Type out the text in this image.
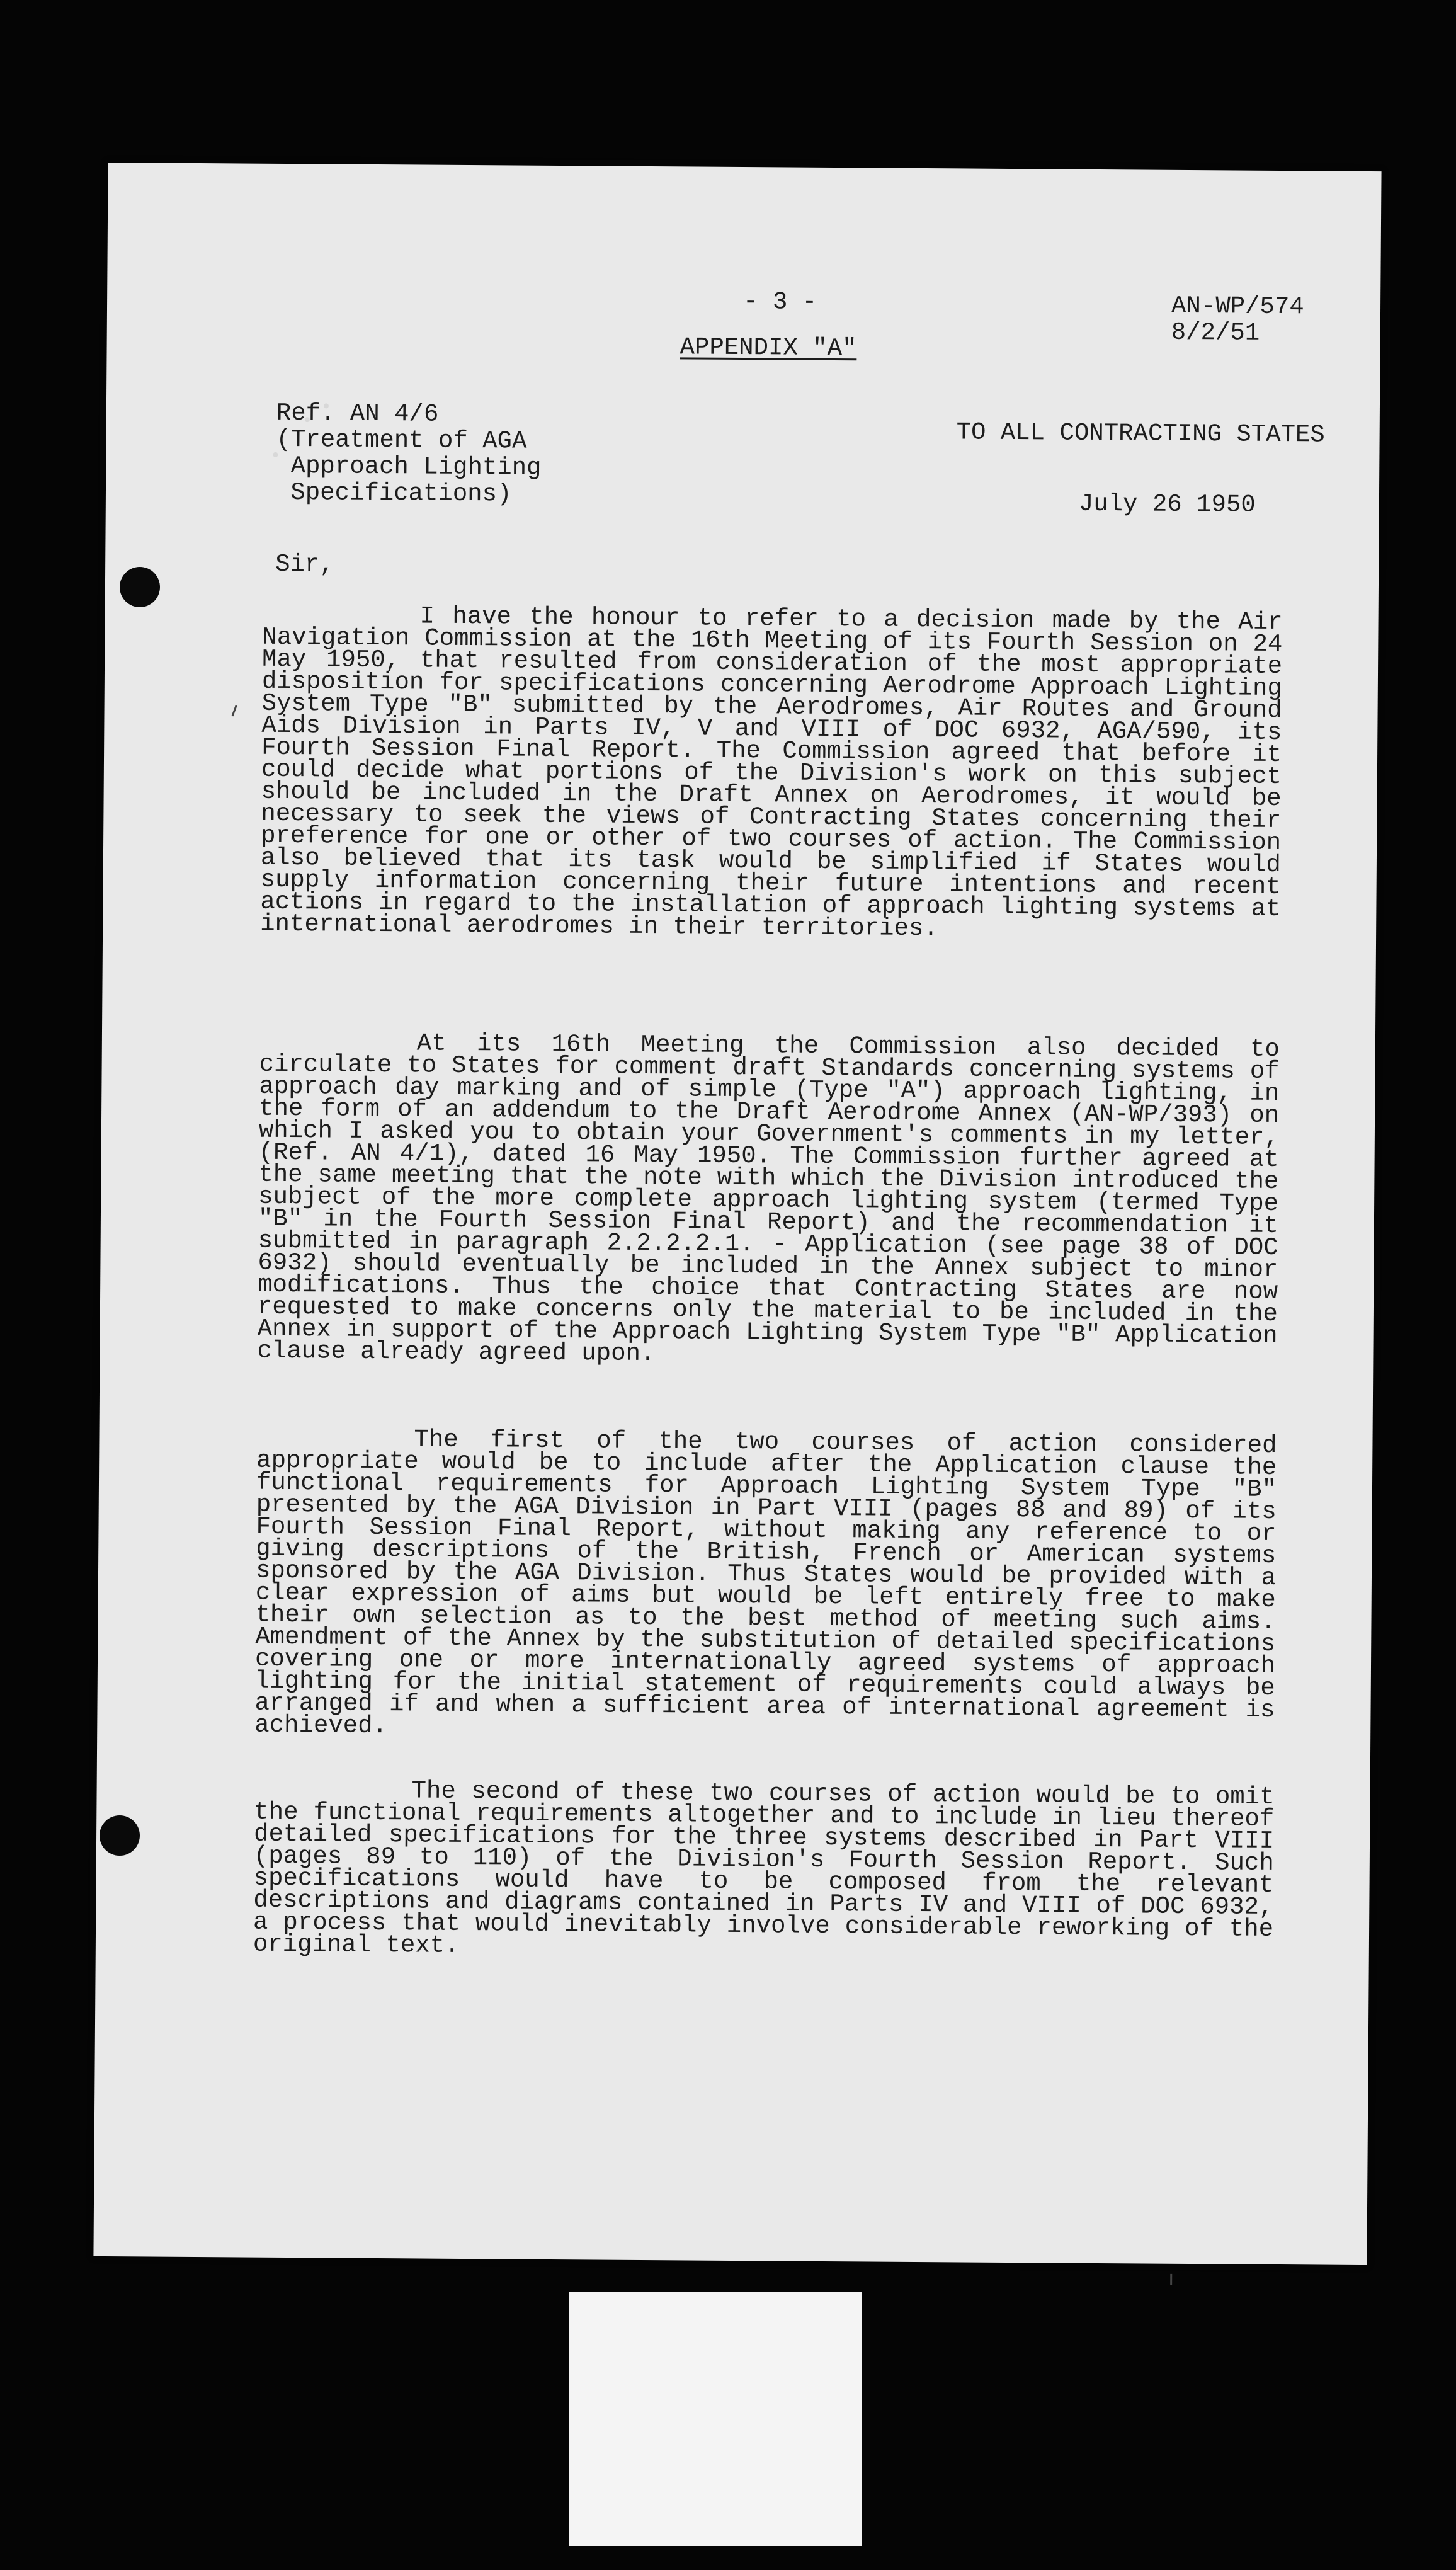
- 3 -	AN-WP/574
8/2/51
APPENDIX "A"
Ref. AN 4/6
(Treatment of AGA
Approach Lighting
Specifications)
TO ALL CONTRACTING STATES
July 26 1950
Sir,
I have the honour to refer to a decision made by the Air Navigation Commission at the 16th Meeting of its Fourth Session on 24 May 1950, that resulted from consideration of the most appropriate disposition for specifications concerning Aerodrome Approach Lighting System Type "B" submitted by the Aerodromes, Air Routes and Ground Aids Division in Parts IV, V and VIII of DOC 6932, AGA/590, its Fourth Session Final Report. The Commission agreed that before it could decide what portions of the Division's work on this subject should be included in the Draft Annex on Aerodromes, it would be necessary to seek the views of Contracting States concerning their preference for one or other of two courses of action. The Commission also believed that its task would be simplified if States would supply information concerning their future intentions and recent actions in regard to the installation of approach lighting systems at international aerodromes in their territories.
At its 16th Meeting the Commission also decided to circulate to States for comment draft Standards concerning systems of approach day marking and of simple (Type "A") approach lighting, in the form of an addendum to the Draft Aerodrome Annex (AN-WP/393) on which I asked you to obtain your Government's comments in my letter, (Ref. AN 4/1), dated 16 May 1950. The Commission further agreed at the same meeting that the note with which the Division introduced the subject of the more complete approach lighting system (termed Type "B" in the Fourth Session Final Report) and the recommendation it submitted in paragraph 2.2.2.2.1. - Application (see page 38 of DOC 6932) should eventually be included in the Annex subject to minor modifications. Thus the choice that Contracting States are now requested to make concerns only the material to be included in the Annex in support of the Approach Lighting System Type "B" Application clause already agreed upon.
The first of the two courses of action considered appropriate would be to include after the Application clause the functional requirements for Approach Lighting System Type "B" presented by the AGA Division in Part VIII (pages 88 and 89) of its Fourth Session Final Report, without making any reference to or giving descriptions of the British, French or American systems sponsored by the AGA Division. Thus States would be provided with a clear expression of aims but would be left entirely free to make their own selection as to the best method of meeting such aims. Amendment of the Annex by the substitution of detailed specifications covering one or more internationally agreed systems of approach lighting for the initial statement of requirements could always be arranged if and when a sufficient area of international agreement is achieved.
The second of these two courses of action would be to omit the functional requirements altogether and to include in lieu thereof detailed specifications for the three systems described in Part VIII (pages 89 to 110) of the Division's Fourth Session Report. Such specifications would have to be composed from the relevant descriptions and diagrams contained in Parts IV and VIII of DOC 6932, a process that would inevitably involve considerable reworking of the original text.
